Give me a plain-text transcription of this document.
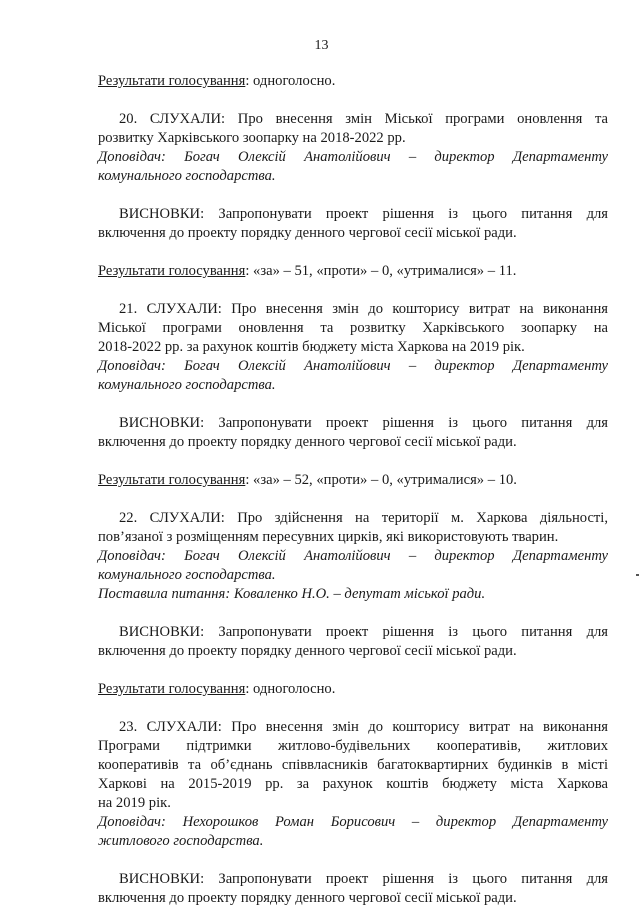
13

Результати голосування: одноголосно.

20. СЛУХАЛИ: Про внесення змін Міської програми оновлення та

розвитку Харківського зоопарку на 2018-2022 рр.

Доповідач: Богач Олексій Анатолійович – директор Департаменту

комунального господарства.

ВИСНОВКИ: Запропонувати проект рішення із цього питання для

включення до проекту порядку денного чергової сесії міської ради.

Результати голосування: «за» – 51, «проти» – 0, «утрималися» – 11.

21. СЛУХАЛИ: Про внесення змін до кошторису витрат на виконання

Міської програми оновлення та розвитку Харківського зоопарку на

2018-2022 рр. за рахунок коштів бюджету міста Харкова на 2019 рік.

Доповідач: Богач Олексій Анатолійович – директор Департаменту

комунального господарства.

ВИСНОВКИ: Запропонувати проект рішення із цього питання для

включення до проекту порядку денного чергової сесії міської ради.

Результати голосування: «за» – 52, «проти» – 0, «утрималися» – 10.

22. СЛУХАЛИ: Про здійснення на території м. Харкова діяльності,

пов’язаної з розміщенням пересувних цирків, які використовують тварин.

Доповідач: Богач Олексій Анатолійович – директор Департаменту

комунального господарства.

Поставила питання: Коваленко Н.О. – депутат міської ради.

ВИСНОВКИ: Запропонувати проект рішення із цього питання для

включення до проекту порядку денного чергової сесії міської ради.

Результати голосування: одноголосно.

23. СЛУХАЛИ: Про внесення змін до кошторису витрат на виконання

Програми підтримки житлово-будівельних кооперативів, житлових

кооперативів та об’єднань співвласників багатоквартирних будинків в місті

Харкові на 2015-2019 рр. за рахунок коштів бюджету міста Харкова

на 2019 рік.

Доповідач: Нехорошков Роман Борисович – директор Департаменту

житлового господарства.

ВИСНОВКИ: Запропонувати проект рішення із цього питання для

включення до проекту порядку денного чергової сесії міської ради.
